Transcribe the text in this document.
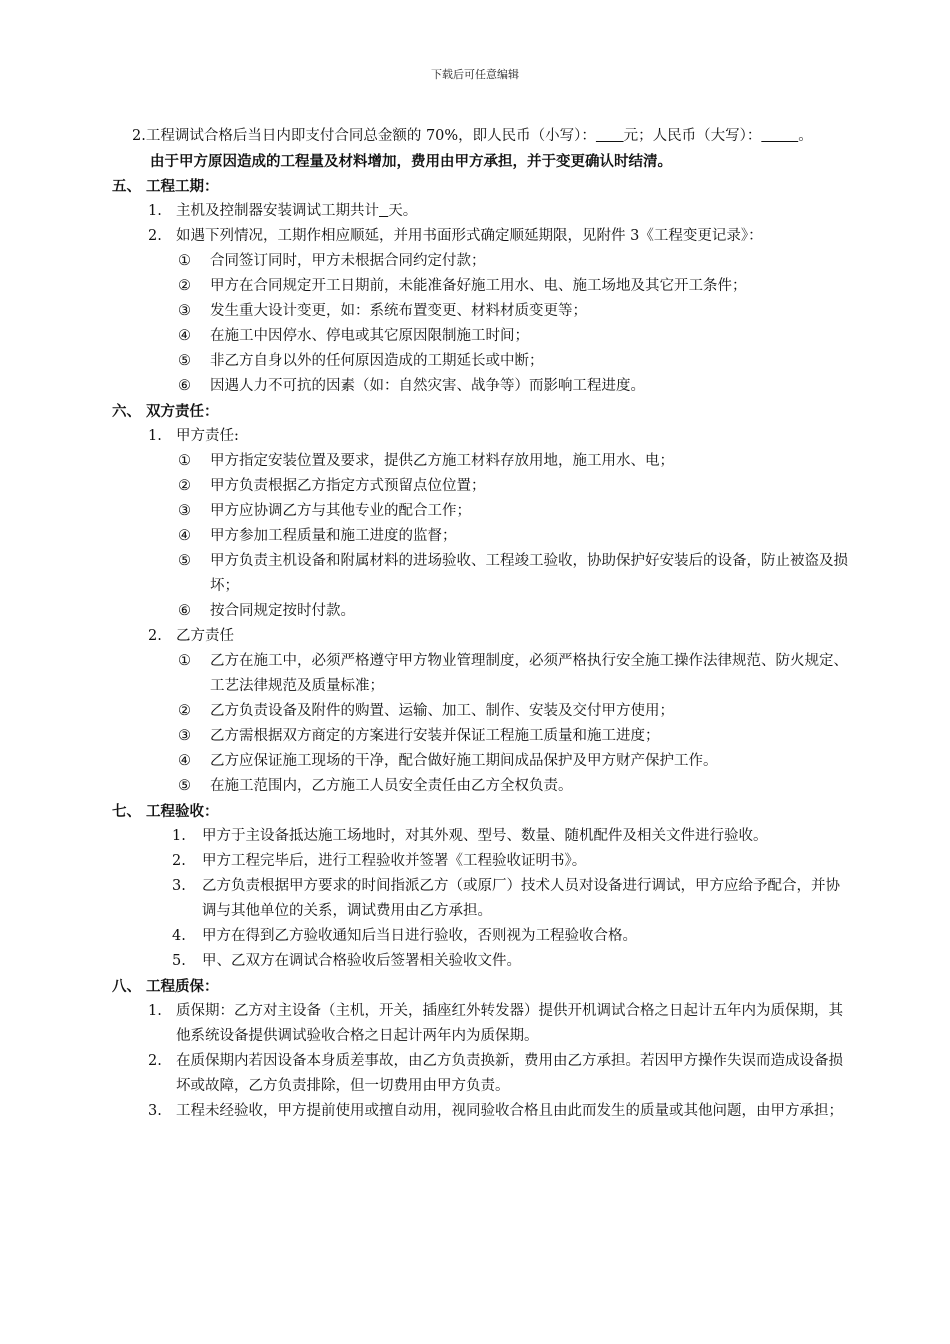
下载后可任意编辑

2.工程调试合格后当日内即支付合同总金额的 70%，即人民币（小写）： 元；人民币（大写）：	。

由于甲方原因造成的工程量及材料增加，费用由甲方承担，并于变更确认时结清。

五、 工程工期：

1. 主机及控制器安装调试工期共计 天。

2. 如遇下列情况，工期作相应顺延，并用书面形式确定顺延期限，见附件 3《工程变更记录》：

① 合同签订同时，甲方未根据合同约定付款；

② 甲方在合同规定开工日期前，未能准备好施工用水、电、施工场地及其它开工条件；

③ 发生重大设计变更，如：系统布置变更、材料材质变更等；

④ 在施工中因停水、停电或其它原因限制施工时间；

⑤ 非乙方自身以外的任何原因造成的工期延长或中断；

⑥ 因遇人力不可抗的因素（如：自然灾害、战争等）而影响工程进度。

六、 双方责任：

1. 甲方责任:

① 甲方指定安装位置及要求，提供乙方施工材料存放用地，施工用水、电；

② 甲方负责根据乙方指定方式预留点位位置；

③ 甲方应协调乙方与其他专业的配合工作；

④ 甲方参加工程质量和施工进度的监督；

⑤ 甲方负责主机设备和附属材料的进场验收、工程竣工验收，协助保护好安装后的设备，防止被盗及损坏；

⑥ 按合同规定按时付款。

2. 乙方责任

① 乙方在施工中，必须严格遵守甲方物业管理制度，必须严格执行安全施工操作法律规范、防火规定、工艺法律规范及质量标准；

② 乙方负责设备及附件的购置、运输、加工、制作、安装及交付甲方使用；

③ 乙方需根据双方商定的方案进行安装并保证工程施工质量和施工进度；

④ 乙方应保证施工现场的干净，配合做好施工期间成品保护及甲方财产保护工作。

⑤ 在施工范围内，乙方施工人员安全责任由乙方全权负责。

七、 工程验收：

1. 甲方于主设备抵达施工场地时，对其外观、型号、数量、随机配件及相关文件进行验收。

2. 甲方工程完毕后，进行工程验收并签署《工程验收证明书》。

3. 乙方负责根据甲方要求的时间指派乙方（或原厂）技术人员对设备进行调试，甲方应给予配合，并协调与其他单位的关系，调试费用由乙方承担。

4. 甲方在得到乙方验收通知后当日进行验收，否则视为工程验收合格。

5. 甲、乙双方在调试合格验收后签署相关验收文件。

八、 工程质保：

1. 质保期：乙方对主设备（主机，开关，插座红外转发器）提供开机调试合格之日起计五年内为质保期，其他系统设备提供调试验收合格之日起计两年内为质保期。

2. 在质保期内若因设备本身质差事故，由乙方负责换新，费用由乙方承担。若因甲方操作失误而造成设备损坏或故障，乙方负责排除，但一切费用由甲方负责。

3. 工程未经验收，甲方提前使用或擅自动用，视同验收合格且由此而发生的质量或其他问题，由甲方承担；
